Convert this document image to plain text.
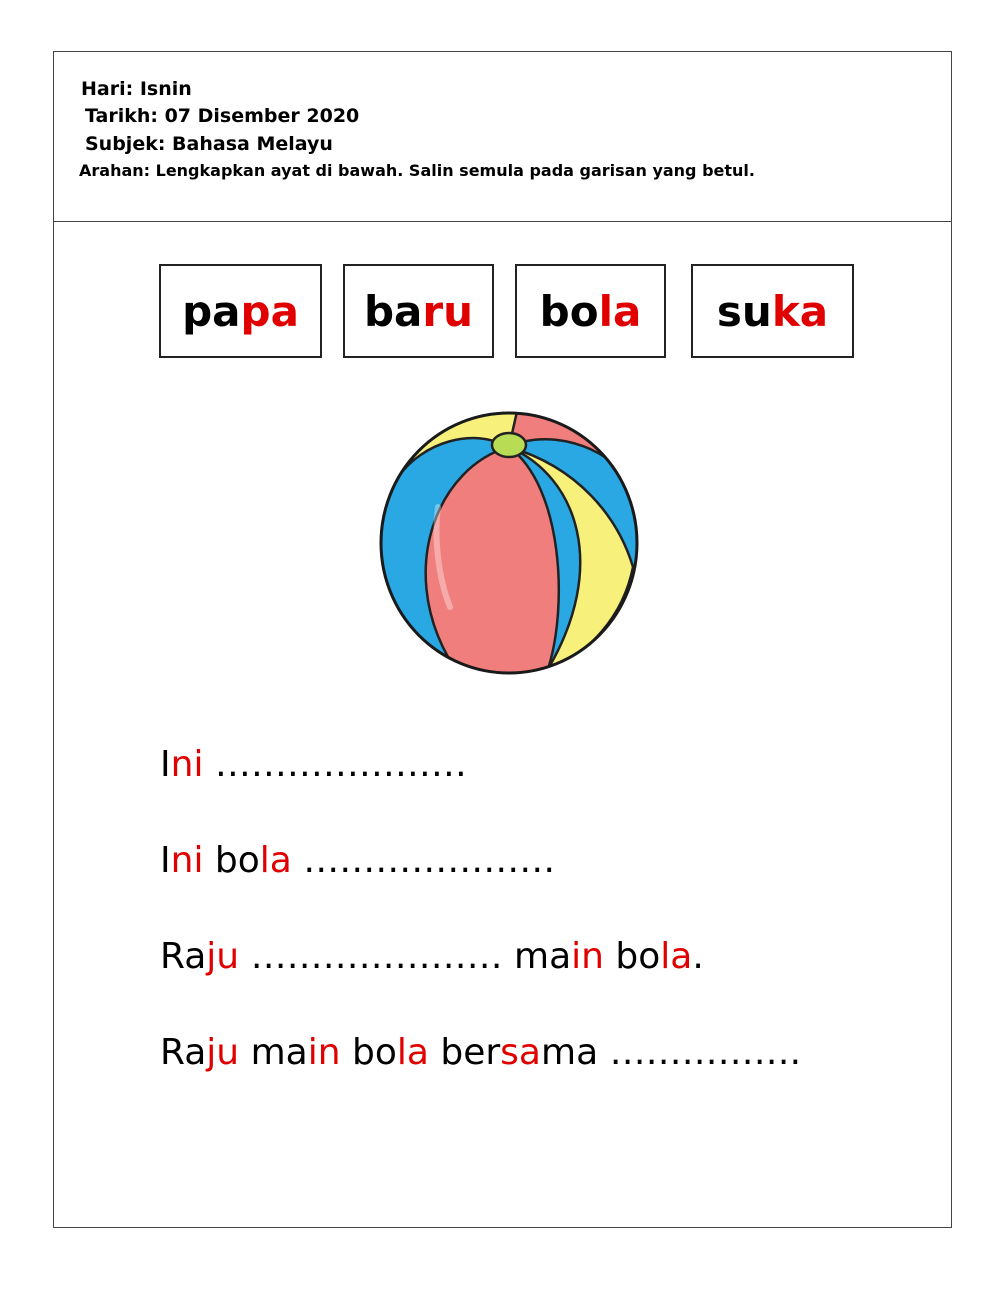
Hari: Isnin
Tarikh: 07 Disember 2020
Subjek: Bahasa Melayu
Arahan: Lengkapkan ayat di bawah. Salin semula pada garisan yang betul.
pa pa ba ru bo la su ka
Ini …………………
Ini bola …………………
Raju ………………… main bola.
Raju main bola bersama …………….
